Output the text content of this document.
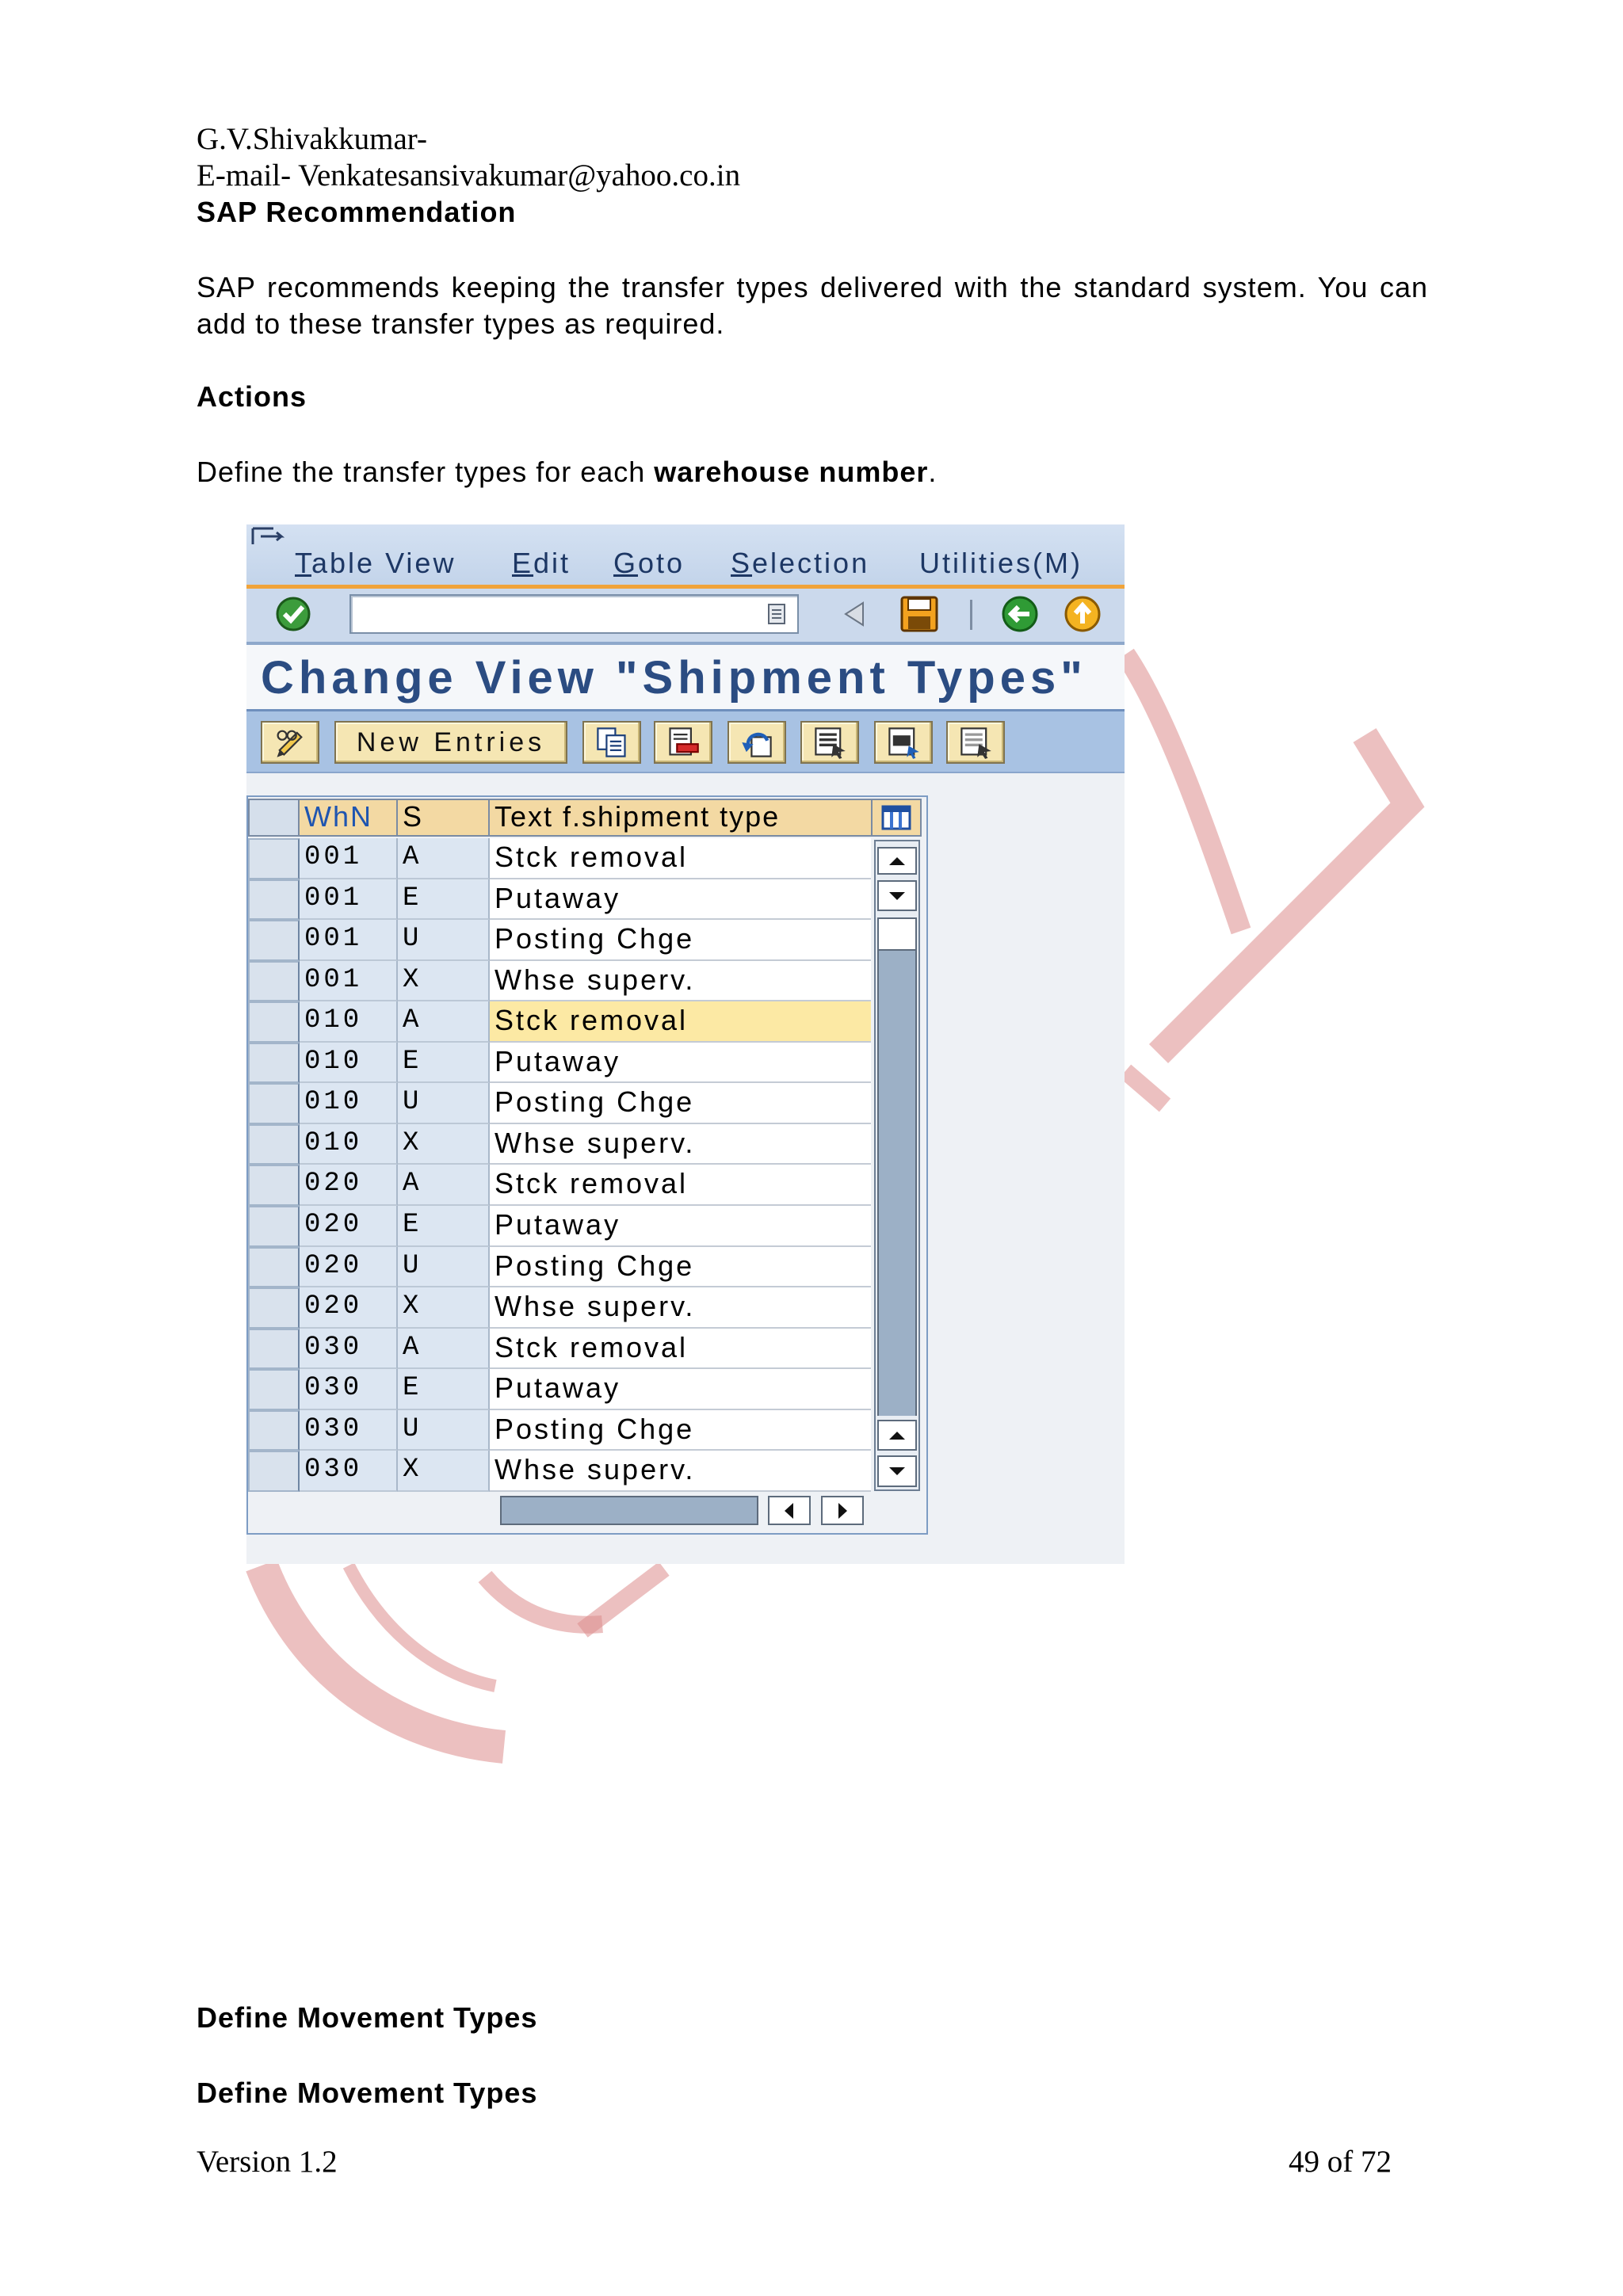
G.V.Shivakkumar-
E-mail- Venkatesansivakumar@yahoo.co.in
SAP Recommendation
SAP recommends keeping the transfer types delivered with the standard system. You can add to these transfer types as required.
Actions
Define the transfer types for each warehouse number.
Table View Edit Goto Selection Utilities(M)
Change View "Shipment Types"
New Entries
WhN	S	Text f.shipment type
001	A	Stck removal
001	E	Putaway
001	U	Posting Chge
001	X	Whse superv.
010	A	Stck removal
010	E	Putaway
010	U	Posting Chge
010	X	Whse superv.
020	A	Stck removal
020	E	Putaway
020	U	Posting Chge
020	X	Whse superv.
030	A	Stck removal
030	E	Putaway
030	U	Posting Chge
030	X	Whse superv.
Define Movement Types
Define Movement Types
Version 1.2	49 of 72
